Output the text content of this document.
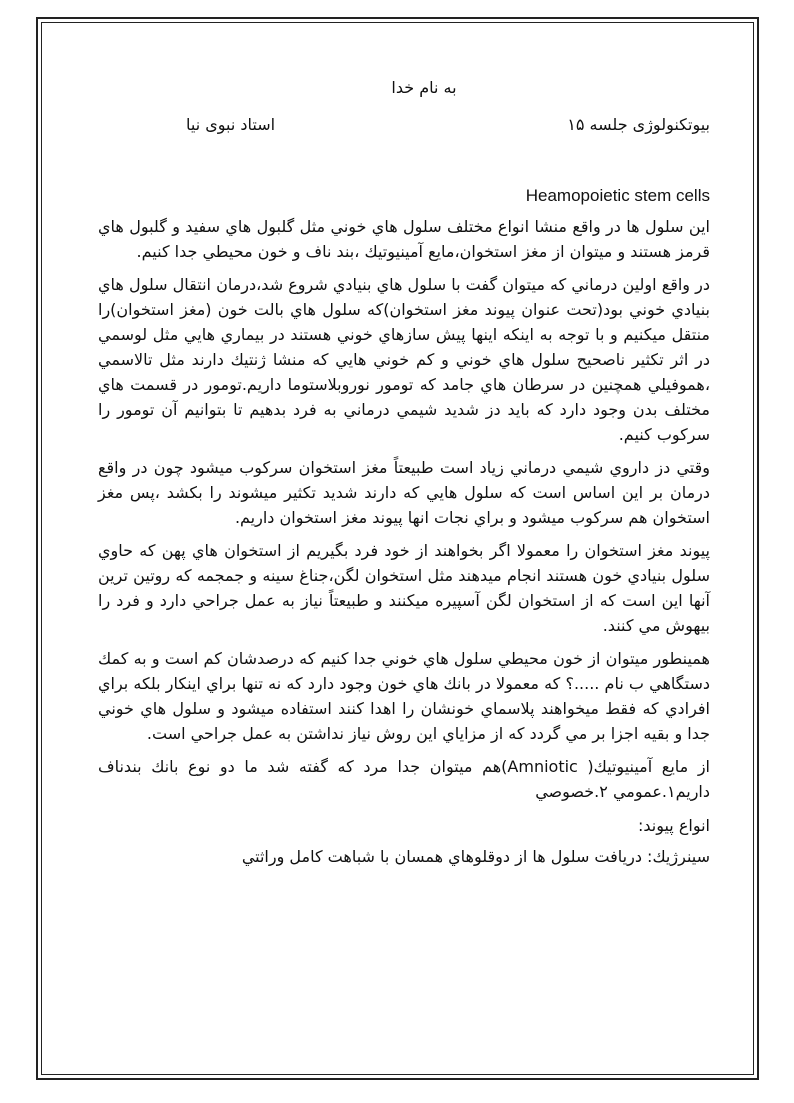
به نام خدا
بيوتكنولوژی جلسه ۱۵
استاد نبوی نيا
Heamopoietic stem cells

اين سلول ها در واقع منشا انواع مختلف سلول هاي خوني مثل گلبول هاي سفيد و گلبول هاي قرمز هستند و ميتوان از مغز استخوان،مايع آمينيوتيك ،بند ناف و خون محيطي جدا كنيم.

در واقع اولين درماني كه ميتوان گفت با سلول هاي بنيادي شروع شد،درمان انتقال سلول هاي بنيادي خوني بود(تحت عنوان پيوند مغز استخوان)كه سلول هاي بالت خون (مغز استخوان)را منتقل ميكنيم و با توجه به اينكه اينها پيش سازهاي خوني هستند در بيماري هايي مثل لوسمي در اثر تكثير ناصحيح سلول هاي خوني و كم خوني هايي كه منشا ژنتيك دارند مثل تالاسمي ،هموفيلي همچنين در سرطان هاي جامد كه تومور نوروبلاستوما داريم.تومور در قسمت هاي مختلف بدن وجود دارد كه بايد دز شديد شيمي درماني به فرد بدهيم تا بتوانيم آن تومور را سركوب كنيم.

وقتي دز داروي شيمي درماني زياد است طبيعتاً مغز استخوان سركوب ميشود چون در واقع درمان بر اين اساس است كه سلول هايي كه دارند شديد تكثير ميشوند را بكشد ،پس مغز استخوان هم سركوب ميشود و براي نجات انها پيوند مغز استخوان داريم.

پيوند مغز استخوان را معمولا اگر بخواهند از خود فرد بگيريم از استخوان هاي پهن كه حاوي سلول بنيادي خون هستند انجام ميدهند مثل استخوان لگن،جناغ سينه و جمجمه كه روتين ترين آنها اين است كه از استخوان لگن آسپيره ميكنند و طبيعتاً نياز به عمل جراحي دارد و فرد را بيهوش مي كنند.

همينطور ميتوان از خون محيطي سلول هاي خوني جدا كنيم كه درصدشان كم است و به كمك دستگاهي ب نام .....؟ كه معمولا در بانك هاي خون وجود دارد كه نه تنها براي اينكار بلكه براي افرادي كه فقط ميخواهند پلاسماي خونشان را اهدا كنند استفاده ميشود و سلول هاي خوني جدا و بقيه اجزا بر مي گردد كه از مزاياي اين روش نياز نداشتن به عمل جراحي است.

از مايع آمينيوتيك( Amniotic)هم ميتوان جدا مرد كه گفته شد ما دو نوع بانك بندناف داريم۱.عمومي ۲.خصوصي

انواع پيوند:
سينرژيك: دريافت سلول ها از دوقلوهاي همسان با شباهت كامل وراثتي
